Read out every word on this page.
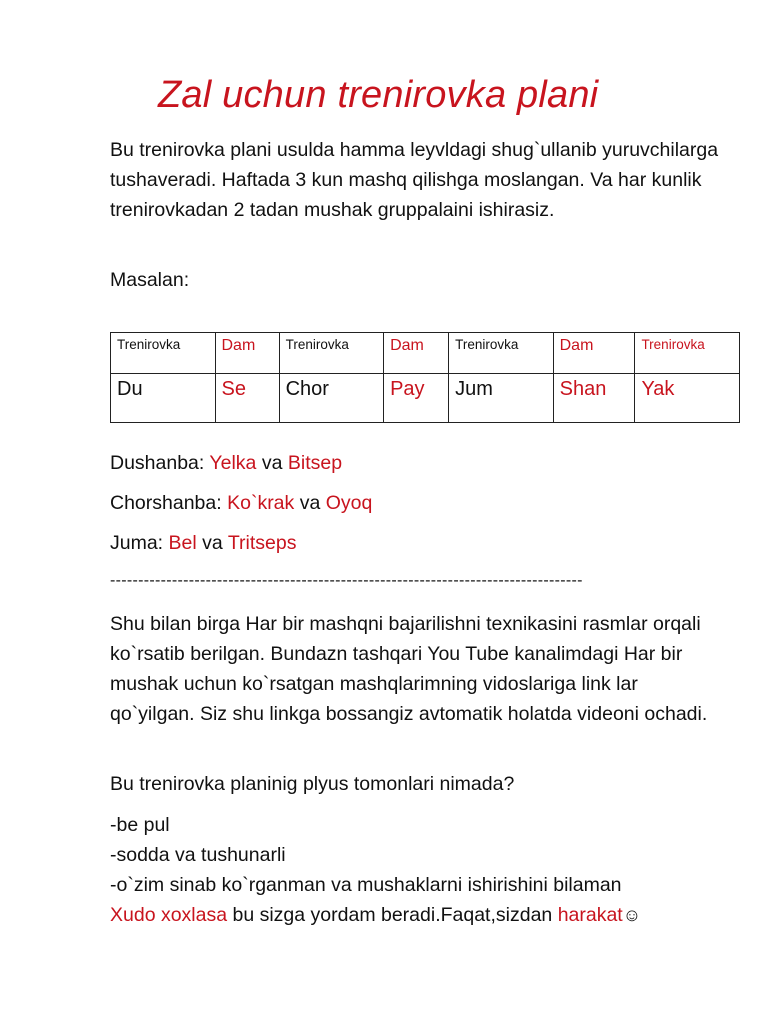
Zal uchun trenirovka plani

Bu trenirovka plani usulda hamma leyvldagi shug`ullanib yuruvchilarga tushaveradi. Haftada 3 kun mashq qilishga moslangan. Va har kunlik trenirovkadan 2 tadan mushak gruppalaini ishirasiz.

Masalan:

Trenirovka	Dam	Trenirovka	Dam	Trenirovka	Dam	Trenirovka
Du	Se	Chor	Pay	Jum	Shan	Yak

Dushanba: Yelka va Bitsep

Chorshanba: Ko`krak va Oyoq

Juma: Bel va Tritseps

------------------------------------------------------------------------------------

Shu bilan birga Har bir mashqni bajarilishni texnikasini rasmlar orqali ko`rsatib berilgan. Bundazn tashqari You Tube kanalimdagi Har bir mushak uchun ko`rsatgan mashqlarimning vidoslariga link lar qo`yilgan. Siz shu linkga bossangiz avtomatik holatda videoni ochadi.

Bu trenirovka planinig plyus tomonlari nimada?

-be pul
-sodda va tushunarli
-o`zim sinab ko`rganman va mushaklarni ishirishini bilaman
Xudo xoxlasa bu sizga yordam beradi.Faqat,sizdan harakat☺
